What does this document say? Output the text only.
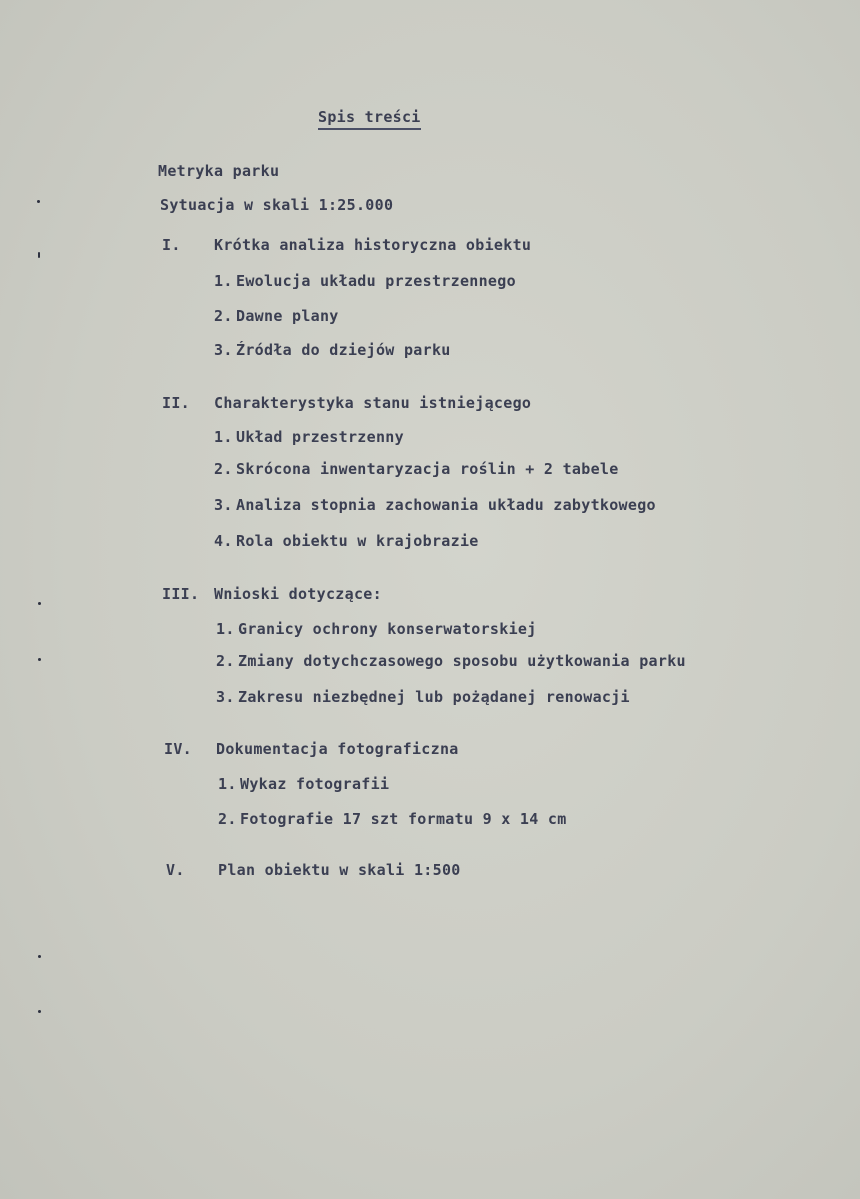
Spis treści
Metryka parku
Sytuacja w skali 1:25.000
I. Krótka analiza historyczna obiektu
1. Ewolucja układu przestrzennego
2. Dawne plany
3. Źródła do dziejów parku
II. Charakterystyka stanu istniejącego
1. Układ przestrzenny
2. Skrócona inwentaryzacja roślin + 2 tabele
3. Analiza stopnia zachowania układu zabytkowego
4. Rola obiektu w krajobrazie
III. Wnioski dotyczące:
1. Granicy ochrony konserwatorskiej
2. Zmiany dotychczasowego sposobu użytkowania parku
3. Zakresu niezbędnej lub pożądanej renowacji
IV. Dokumentacja fotograficzna
1. Wykaz fotografii
2. Fotografie 17 szt formatu 9 x 14 cm
V. Plan obiektu w skali 1:500
